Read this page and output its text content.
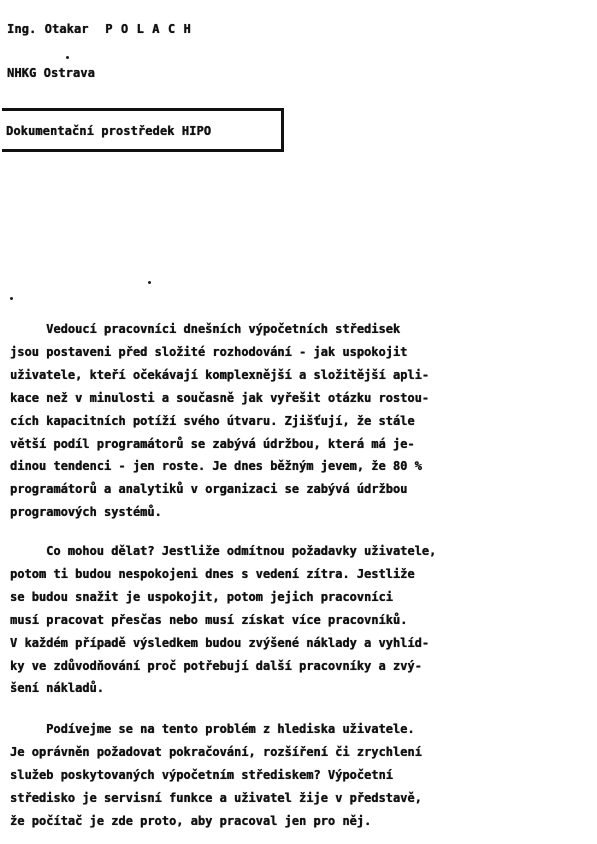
Ing. Otakar  P O L A C H
NHKG Ostrava
Dokumentační prostředek HIPO
Vedoucí pracovníci dnešních výpočetních středisek
jsou postaveni před složité rozhodování - jak uspokojit
uživatele, kteří očekávají komplexnější a složitější apli-
kace než v minulosti a současně jak vyřešit otázku rostou-
cích kapacitních potíží svého útvaru. Zjišťují, že stále
větší podíl programátorů se zabývá údržbou, která má je-
dinou tendenci - jen roste. Je dnes běžným jevem, že 80 %
programátorů a analytiků v organizaci se zabývá údržbou
programových systémů.
Co mohou dělat? Jestliže odmítnou požadavky uživatele,
potom ti budou nespokojeni dnes s vedení zítra. Jestliže
se budou snažit je uspokojit, potom jejich pracovníci
musí pracovat přesčas nebo musí získat více pracovníků.
V každém případě výsledkem budou zvýšené náklady a vyhlíd-
ky ve zdůvodňování proč potřebují další pracovníky a zvý-
šení nákladů.
Podívejme se na tento problém z hlediska uživatele.
Je oprávněn požadovat pokračování, rozšíření či zrychlení
služeb poskytovaných výpočetním střediskem? Výpočetní
středisko je servisní funkce a uživatel žije v představě,
že počítač je zde proto, aby pracoval jen pro něj.
